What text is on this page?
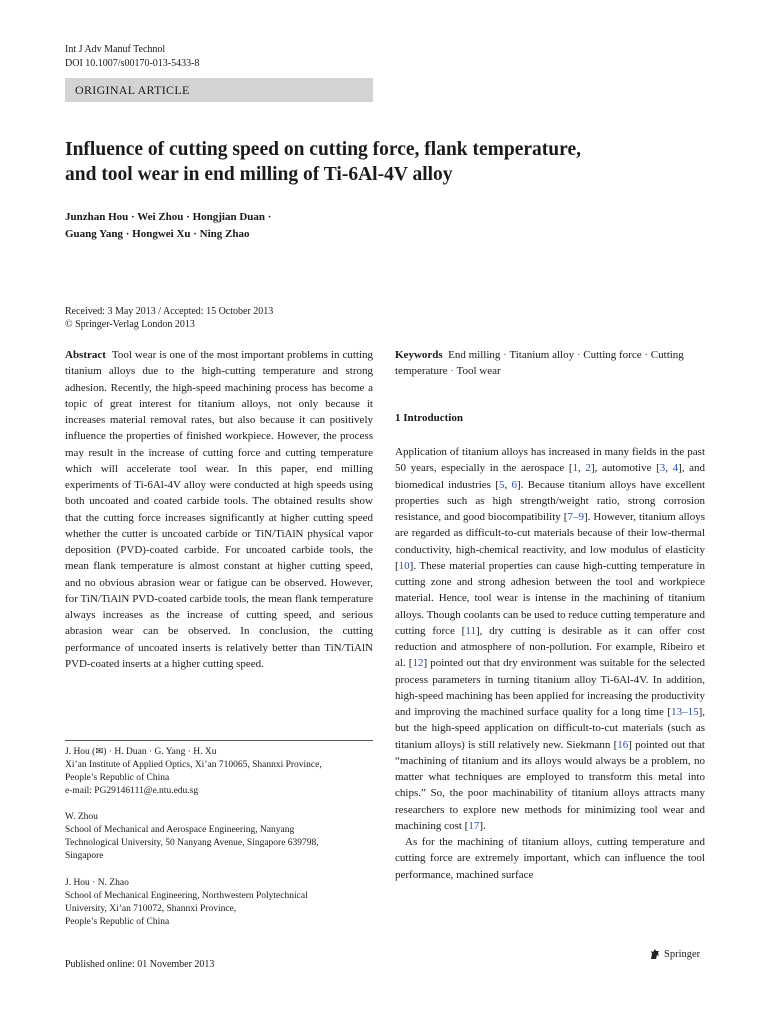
Int J Adv Manuf Technol
DOI 10.1007/s00170-013-5433-8
ORIGINAL ARTICLE
Influence of cutting speed on cutting force, flank temperature,
and tool wear in end milling of Ti-6Al-4V alloy
Junzhan Hou · Wei Zhou · Hongjian Duan ·
Guang Yang · Hongwei Xu · Ning Zhao
Received: 3 May 2013 / Accepted: 15 October 2013
© Springer-Verlag London 2013
Abstract Tool wear is one of the most important problems in cutting titanium alloys due to the high-cutting temperature and strong adhesion. Recently, the high-speed machining process has become a topic of great interest for titanium alloys, not only because it increases material removal rates, but also because it can positively influence the properties of finished workpiece. However, the process may result in the increase of cutting force and cutting temperature which will accelerate tool wear. In this paper, end milling experiments of Ti-6Al-4V alloy were conducted at high speeds using both uncoated and coated carbide tools. The obtained results show that the cutting force increases significantly at higher cutting speed whether the cutter is uncoated carbide or TiN/TiAlN physical vapor deposition (PVD)-coated carbide. For uncoated carbide tools, the mean flank temperature is almost constant at higher cutting speed, and no obvious abrasion wear or fatigue can be observed. However, for TiN/TiAlN PVD-coated carbide tools, the mean flank temperature always increases as the increase of cutting speed, and serious abrasion wear can be observed. In conclusion, the cutting performance of uncoated inserts is relatively better than TiN/TiAlN PVD-coated inserts at a higher cutting speed.
J. Hou (✉) · H. Duan · G. Yang · H. Xu
Xi’an Institute of Applied Optics, Xi’an 710065, Shannxi Province,
People’s Republic of China
e-mail: PG29146111@e.ntu.edu.sg
W. Zhou
School of Mechanical and Aerospace Engineering, Nanyang
Technological University, 50 Nanyang Avenue, Singapore 639798,
Singapore
J. Hou · N. Zhao
School of Mechanical Engineering, Northwestern Polytechnical
University, Xi’an 710072, Shannxi Province,
People’s Republic of China
Published online: 01 November 2013
Keywords End milling · Titanium alloy · Cutting force · Cutting temperature · Tool wear
1 Introduction

Application of titanium alloys has increased in many fields in the past 50 years, especially in the aerospace [1, 2], automotive [3, 4], and biomedical industries [5, 6]. Because titanium alloys have excellent properties such as high strength/weight ratio, strong corrosion resistance, and good biocompatibility [7–9]. However, titanium alloys are regarded as difficult-to-cut materials because of their low-thermal conductivity, high-chemical reactivity, and low modulus of elasticity [10]. These material properties can cause high-cutting temperature in cutting zone and strong adhesion between the tool and workpiece material. Hence, tool wear is intense in the machining of titanium alloys. Though coolants can be used to reduce cutting temperature and cutting force [11], dry cutting is desirable as it can offer cost reduction and atmosphere of non-pollution. For example, Ribeiro et al. [12] pointed out that dry environment was suitable for the selected process parameters in turning titanium alloy Ti-6Al-4V. In addition, high-speed machining has been applied for increasing the productivity and improving the machined surface quality for a long time [13–15], but the high-speed application on difficult-to-cut materials (such as titanium alloys) is still relatively new. Siekmann [16] pointed out that “machining of titanium and its alloys would always be a problem, no matter what techniques are employed to transform this metal into chips.” So, the poor machinability of titanium alloys attracts many researchers to explore new methods for minimizing tool wear and machining cost [17].

As for the machining of titanium alloys, cutting temperature and cutting force are extremely important, which can influence the tool performance, machined surface

Springer
